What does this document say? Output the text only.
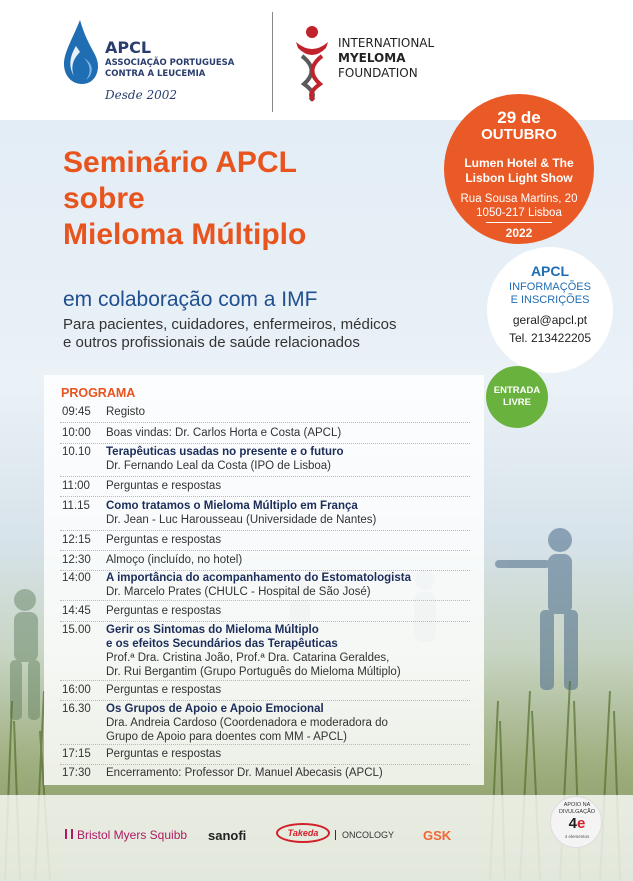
APCL
ASSOCIAÇÃO PORTUGUESA
CONTRA A LEUCEMIA
Desde 2002
INTERNATIONAL
MYELOMA
FOUNDATION
Seminário APCL
sobre
Mieloma Múltiplo
em colaboração com a IMF
Para pacientes, cuidadores, enfermeiros, médicos
e outros profissionais de saúde relacionados
29 de
OUTUBRO
Lumen Hotel & The
Lisbon Light Show
Rua Sousa Martins, 20
1050-217 Lisboa
2022
APCL
INFORMAÇÕES
E INSCRIÇÕES
geral@apcl.pt
Tel. 213422205
ENTRADA
LIVRE
PROGRAMA
09:45	Registo
10:00	Boas vindas: Dr. Carlos Horta e Costa (APCL)
10.10	Terapêuticas usadas no presente e o futuro
Dr. Fernando Leal da Costa (IPO de Lisboa)
11:00	Perguntas e respostas
11.15	Como tratamos o Mieloma Múltiplo em França
Dr. Jean - Luc Harousseau (Universidade de Nantes)
12:15	Perguntas e respostas
12:30	Almoço (incluído, no hotel)
14:00	A importância do acompanhamento do Estomatologista
Dr. Marcelo Prates (CHULC - Hospital de São José)
14:45	Perguntas e respostas
15.00	Gerir os Sintomas do Mieloma Múltiplo
e os efeitos Secundários das Terapêuticas
Prof.ª Dra. Cristina João, Prof.ª Dra. Catarina Geraldes,
Dr. Rui Bergantim (Grupo Português do Mieloma Múltiplo)
16:00	Perguntas e respostas
16.30	Os Grupos de Apoio e Apoio Emocional
Dra. Andreia Cardoso (Coordenadora e moderadora do
Grupo de Apoio para doentes com MM - APCL)
17:15	Perguntas e respostas
17:30	Encerramento: Professor Dr. Manuel Abecasis (APCL)
Bristol Myers Squibb sanofi	Takeda	ONCOLOGY GSK
APOIO NA
DIVULGAÇÃO
4e
4 elementos
